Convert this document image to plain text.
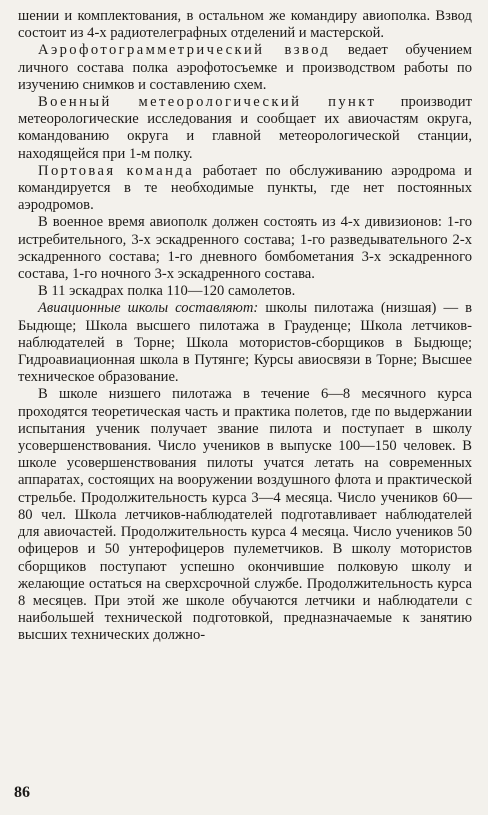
шении и комплектования, в остальном же командиру авиополка. Взвод состоит из 4-х радиотелеграфных отделений и мастерской.

Аэрофотограмметрический взвод ведает обучением личного состава полка аэрофотосъемке и производством работы по изучению снимков и составлению схем.

Военный метеорологический пункт производит метеорологические исследования и сообщает их авиочастям округа, командованию округа и главной метеорологической станции, находящейся при 1-м полку.

Портовая команда работает по обслуживанию аэродрома и командируется в те необходимые пункты, где нет постоянных аэродромов.

В военное время авиополк должен состоять из 4-х дивизионов: 1-го истребительного, 3-х эскадренного состава; 1-го разведывательного 2-х эскадренного состава; 1-го дневного бомбометания 3-х эскадренного состава, 1-го ночного 3-х эскадренного состава.

В 11 эскадрах полка 110—120 самолетов.

Авиационные школы составляют: школы пилотажа (низшая) — в Быдюще; Школа высшего пилотажа в Грауденце; Школа летчиков-наблюдателей в Торне; Школа мотористов-сборщиков в Быдюще; Гидроавиационная школа в Путянге; Курсы авиосвязи в Торне; Высшее техническое образование.

В школе низшего пилотажа в течение 6—8 месячного курса проходятся теоретическая часть и практика полетов, где по выдержании испытания ученик получает звание пилота и поступает в школу усовершенствования. Число учеников в выпуске 100—150 человек. В школе усовершенствования пилоты учатся летать на современных аппаратах, состоящих на вооружении воздушного флота и практической стрельбе. Продолжительность курса 3—4 месяца. Число учеников 60—80 чел. Школа летчиков-наблюдателей подготавливает наблюдателей для авиочастей. Продолжительность курса 4 месяца. Число учеников 50 офицеров и 50 унтерофицеров пулеметчиков. В школу мотористов сборщиков поступают успешно окончившие полковую школу и желающие остаться на сверхсрочной службе. Продолжительность курса 8 месяцев. При этой же школе обучаются летчики и наблюдатели с наибольшей технической подготовкой, предназначаемые к занятию высших технических должно-

86
